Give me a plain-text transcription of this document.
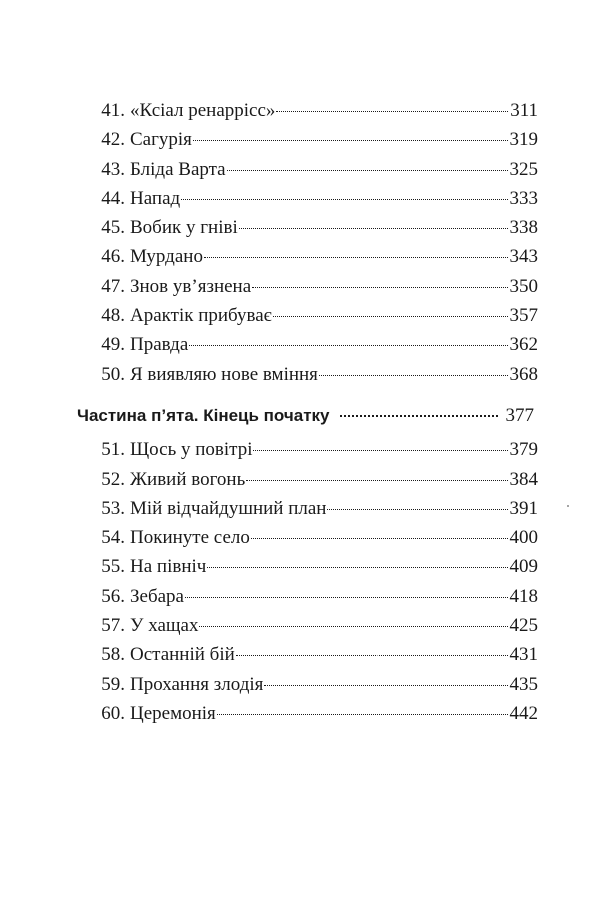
41. «Ксіал ренаррісс»	311
42. Сагурія	319
43. Бліда Варта	325
44. Напад	333
45. Вобик у гніві	338
46. Мурдано	343
47. Знов ув’язнена	350
48. Арактік прибуває	357
49. Правда	362
50. Я виявляю нове вміння	368
Частина п’ята. Кінець початку	377
51. Щось у повітрі	379
52. Живий вогонь	384
53. Мій відчайдушний план	391
54. Покинуте село	400
55. На північ	409
56. Зебара	418
57. У хащах	425
58. Останній бій	431
59. Прохання злодія	435
60. Церемонія	442
